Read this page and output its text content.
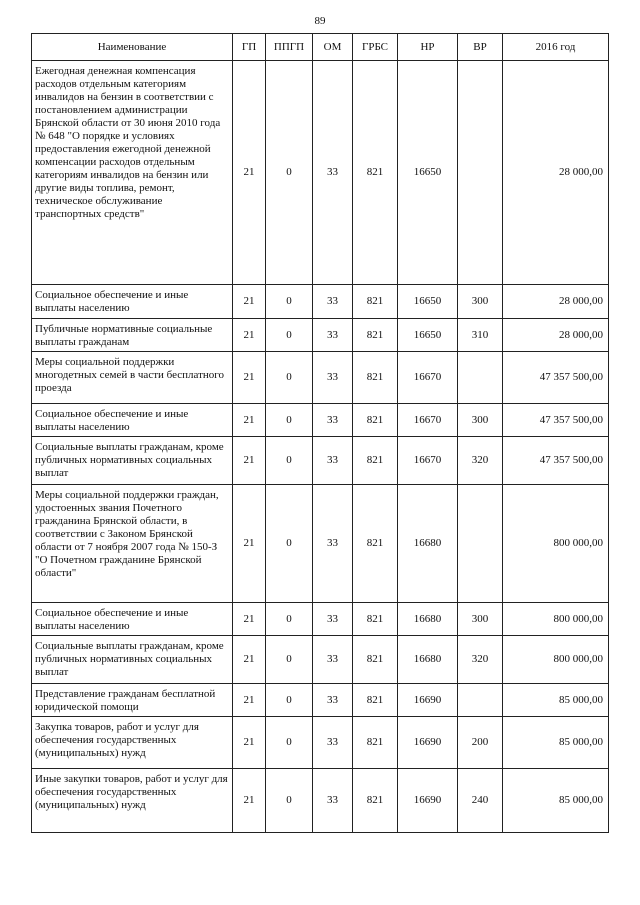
89
Наименование	ГП	ППГП	ОМ	ГРБС	НР	ВР	2016 год
Ежегодная денежная компенсация расходов отдельным категориям инвалидов на бензин в соответствии с постановлением администрации Брянской области от 30 июня 2010 года № 648 "О порядке и условиях предоставления ежегодной денежной компенсации расходов отдельным категориям инвалидов на бензин или другие виды топлива, ремонт, техническое обслуживание транспортных средств"	21	0	33	821	16650		28 000,00
Социальное обеспечение и иные выплаты населению	21	0	33	821	16650	300	28 000,00
Публичные нормативные социальные выплаты гражданам	21	0	33	821	16650	310	28 000,00
Меры социальной поддержки многодетных семей в части бесплатного проезда	21	0	33	821	16670		47 357 500,00
Социальное обеспечение и иные выплаты населению	21	0	33	821	16670	300	47 357 500,00
Социальные выплаты гражданам, кроме публичных нормативных социальных выплат	21	0	33	821	16670	320	47 357 500,00
Меры социальной поддержки граждан, удостоенных звания Почетного гражданина Брянской области, в соответствии с Законом Брянской области от 7 ноября 2007 года № 150-З "О Почетном гражданине Брянской области"	21	0	33	821	16680		800 000,00
Социальное обеспечение и иные выплаты населению	21	0	33	821	16680	300	800 000,00
Социальные выплаты гражданам, кроме публичных нормативных социальных выплат	21	0	33	821	16680	320	800 000,00
Представление гражданам бесплатной юридической помощи	21	0	33	821	16690		85 000,00
Закупка товаров, работ и услуг для обеспечения государственных (муниципальных) нужд	21	0	33	821	16690	200	85 000,00
Иные закупки товаров, работ и услуг для обеспечения государственных (муниципальных) нужд	21	0	33	821	16690	240	85 000,00
